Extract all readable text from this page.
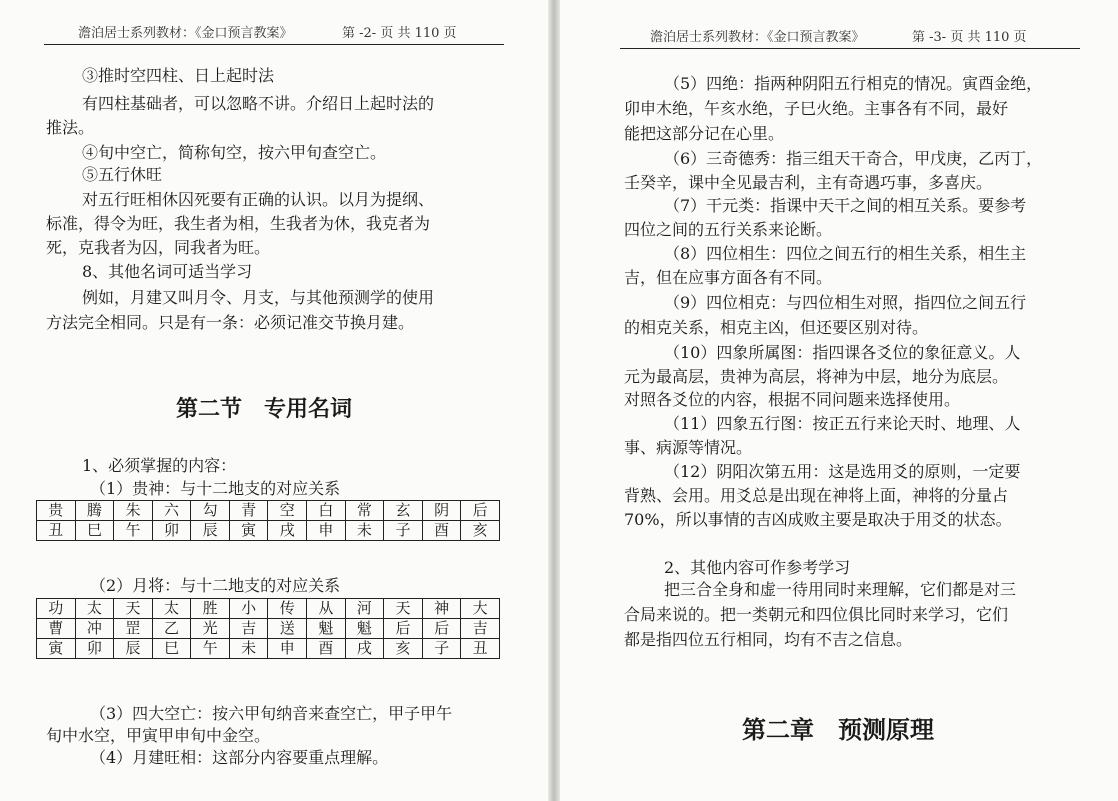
澹泊居士系列教材：《金口预言教案》	第 -2- 页 共 110 页
③推时空四柱、日上起时法
有四柱基础者，可以忽略不讲。介绍日上起时法的
推法。
④旬中空亡，简称旬空，按六甲旬查空亡。
⑤五行休旺
对五行旺相休囚死要有正确的认识。以月为提纲、
标准，得令为旺，我生者为相，生我者为休，我克者为
死，克我者为囚，同我者为旺。
8、其他名词可适当学习
例如，月建又叫月令、月支，与其他预测学的使用
方法完全相同。只是有一条：必须记准交节换月建。
第二节　专用名词
1、必须掌握的内容：
（1）贵神：与十二地支的对应关系
贵	腾	朱	六	勾	青	空	白	常	玄	阴	后
丑	巳	午	卯	辰	寅	戌	申	未	子	酉	亥
（2）月将：与十二地支的对应关系
功	太	天	太	胜	小	传	从	河	天	神	大
曹	冲	罡	乙	光	吉	送	魁	魁	后	后	吉
寅	卯	辰	巳	午	未	申	酉	戌	亥	子	丑
（3）四大空亡：按六甲旬纳音来查空亡，甲子甲午
旬中水空，甲寅甲申旬中金空。
（4）月建旺相：这部分内容要重点理解。
澹泊居士系列教材：《金口预言教案》	第 -3- 页 共 110 页
（5）四绝：指两种阴阳五行相克的情况。寅酉金绝，
卯申木绝，午亥水绝，子巳火绝。主事各有不同，最好
能把这部分记在心里。
（6）三奇德秀：指三组天干奇合，甲戊庚，乙丙丁，
壬癸辛，课中全见最吉利，主有奇遇巧事，多喜庆。
（7）干元类：指课中天干之间的相互关系。要参考
四位之间的五行关系来论断。
（8）四位相生：四位之间五行的相生关系，相生主
吉，但在应事方面各有不同。
（9）四位相克：与四位相生对照，指四位之间五行
的相克关系，相克主凶，但还要区别对待。
（10）四象所属图：指四课各爻位的象征意义。人
元为最高层，贵神为高层，将神为中层，地分为底层。
对照各爻位的内容，根据不同问题来选择使用。
（11）四象五行图：按正五行来论天时、地理、人
事、病源等情况。
（12）阴阳次第五用：这是选用爻的原则，一定要
背熟、会用。用爻总是出现在神将上面，神将的分量占
70%，所以事情的吉凶成败主要是取决于用爻的状态。
2、其他内容可作参考学习
把三合全身和虚一待用同时来理解，它们都是对三
合局来说的。把一类朝元和四位俱比同时来学习，它们
都是指四位五行相同，均有不吉之信息。
第二章　预测原理
